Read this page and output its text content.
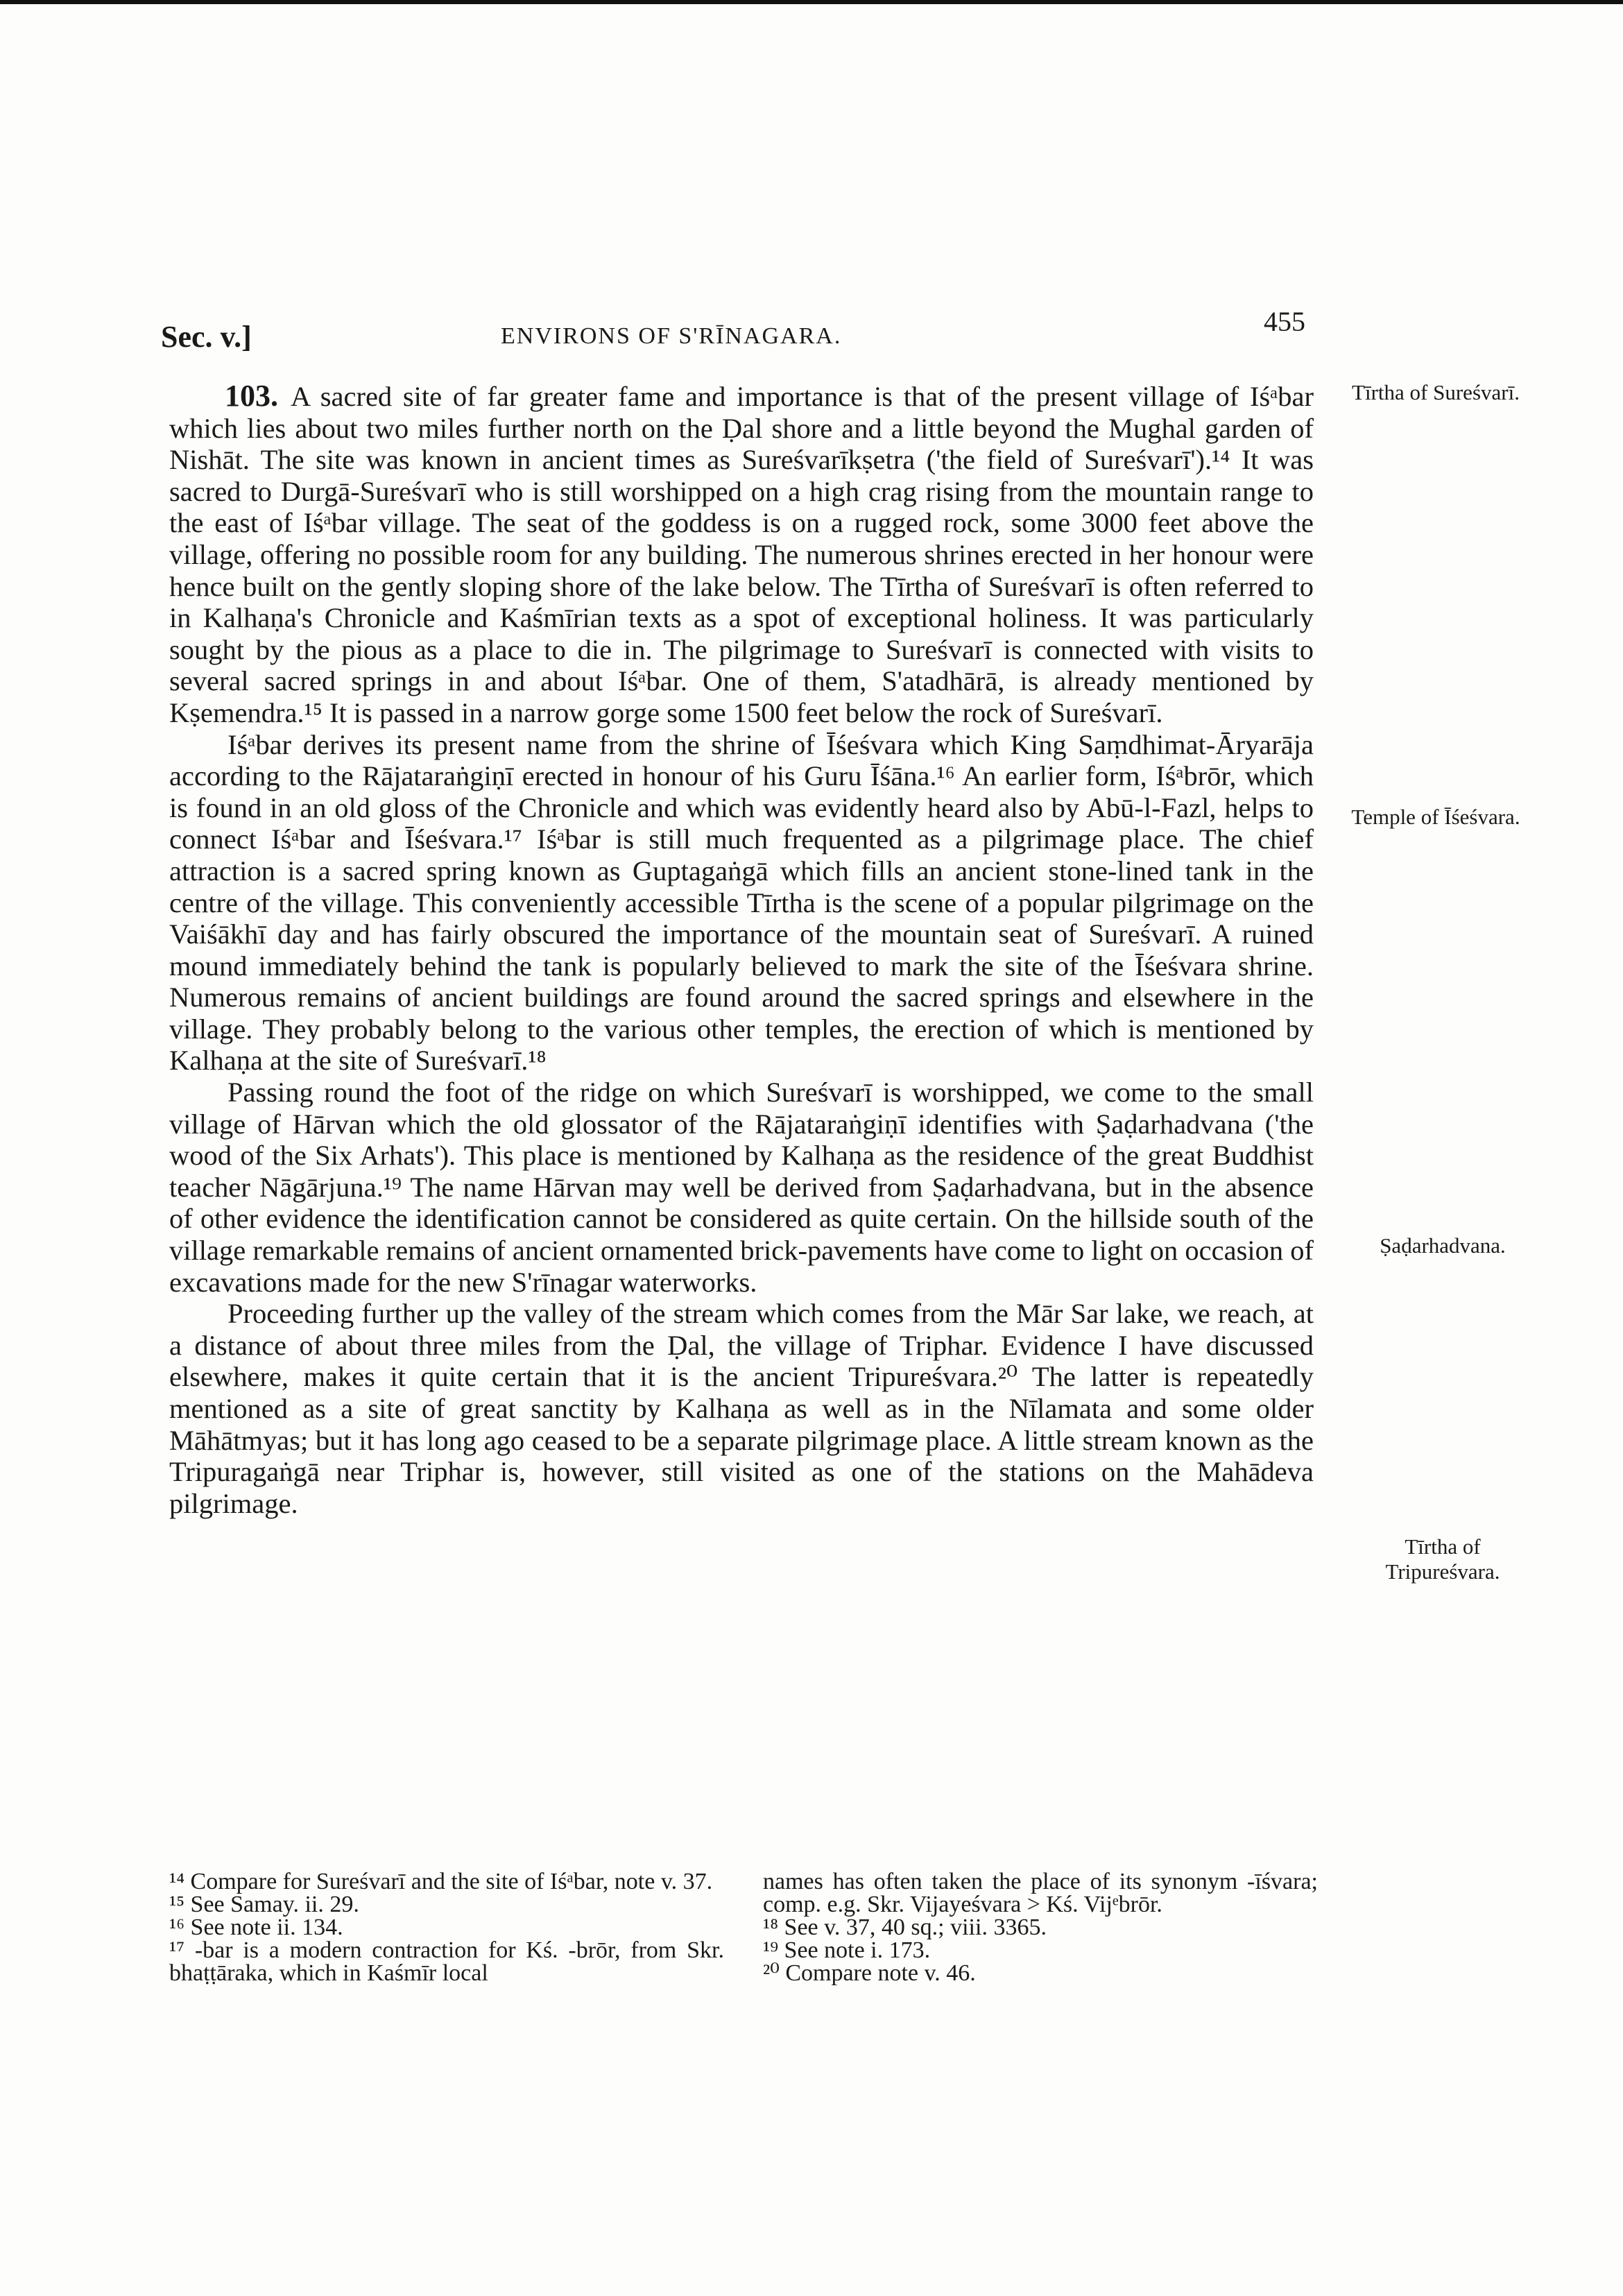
Sec. v.]	ENVIRONS OF S'RĪNAGARA.	455

103. A sacred site of far greater fame and importance is that of the present village of Iśᵃbar which lies about two miles further north on the Ḍal shore and a little beyond the Mughal garden of Nishāt. The site was known in ancient times as Sureśvarīkṣetra ('the field of Sureśvarī').¹⁴ It was sacred to Durgā-Sureśvarī who is still worshipped on a high crag rising from the mountain range to the east of Iśᵃbar village. The seat of the goddess is on a rugged rock, some 3000 feet above the village, offering no possible room for any building. The numerous shrines erected in her honour were hence built on the gently sloping shore of the lake below. The Tīrtha of Sureśvarī is often referred to in Kalhaṇa's Chronicle and Kaśmīrian texts as a spot of exceptional holiness. It was particularly sought by the pious as a place to die in. The pilgrimage to Sureśvarī is connected with visits to several sacred springs in and about Iśᵃbar. One of them, S'atadhārā, is already mentioned by Kṣemendra.¹⁵ It is passed in a narrow gorge some 1500 feet below the rock of Sureśvarī.

Iśᵃbar derives its present name from the shrine of Īśeśvara which King Saṃdhimat-Āryarāja according to the Rājataraṅgiṇī erected in honour of his Guru Īśāna.¹⁶ An earlier form, Iśᵃbrōr, which is found in an old gloss of the Chronicle and which was evidently heard also by Abū-l-Fazl, helps to connect Iśᵃbar and Īśeśvara.¹⁷ Iśᵃbar is still much frequented as a pilgrimage place. The chief attraction is a sacred spring known as Guptagaṅgā which fills an ancient stone-lined tank in the centre of the village. This conveniently accessible Tīrtha is the scene of a popular pilgrimage on the Vaiśākhī day and has fairly obscured the importance of the mountain seat of Sureśvarī. A ruined mound immediately behind the tank is popularly believed to mark the site of the Īśeśvara shrine. Numerous remains of ancient buildings are found around the sacred springs and elsewhere in the village. They probably belong to the various other temples, the erection of which is mentioned by Kalhaṇa at the site of Sureśvarī.¹⁸

Passing round the foot of the ridge on which Sureśvarī is worshipped, we come to the small village of Hārvan which the old glossator of the Rājataraṅgiṇī identifies with Ṣaḍarhadvana ('the wood of the Six Arhats'). This place is mentioned by Kalhaṇa as the residence of the great Buddhist teacher Nāgārjuna.¹⁹ The name Hārvan may well be derived from Ṣaḍarhadvana, but in the absence of other evidence the identification cannot be considered as quite certain. On the hillside south of the village remarkable remains of ancient ornamented brick-pavements have come to light on occasion of excavations made for the new S'rīnagar waterworks.

Proceeding further up the valley of the stream which comes from the Mār Sar lake, we reach, at a distance of about three miles from the Ḍal, the village of Triphar. Evidence I have discussed elsewhere, makes it quite certain that it is the ancient Tripureśvara.²⁰ The latter is repeatedly mentioned as a site of great sanctity by Kalhaṇa as well as in the Nīlamata and some older Māhātmyas; but it has long ago ceased to be a separate pilgrimage place. A little stream known as the Tripuragaṅgā near Triphar is, however, still visited as one of the stations on the Mahādeva pilgrimage.

Tīrtha of Sureśvarī.
Temple of Īśeśvara.
Ṣaḍarhadvana.
Tīrtha of Tripureśvara.
¹⁴ Compare for Sureśvarī and the site of Iśᵃbar, note v. 37.
¹⁵ See Samay. ii. 29.
¹⁶ See note ii. 134.
¹⁷ -bar is a modern contraction for Kś. -brōr, from Skr. bhaṭṭāraka, which in Kaśmīr local
names has often taken the place of its synonym -īśvara; comp. e.g. Skr. Vijayeśvara > Kś. Vijᵉbrōr.
¹⁸ See v. 37, 40 sq.; viii. 3365.
¹⁹ See note i. 173.
²⁰ Compare note v. 46.
